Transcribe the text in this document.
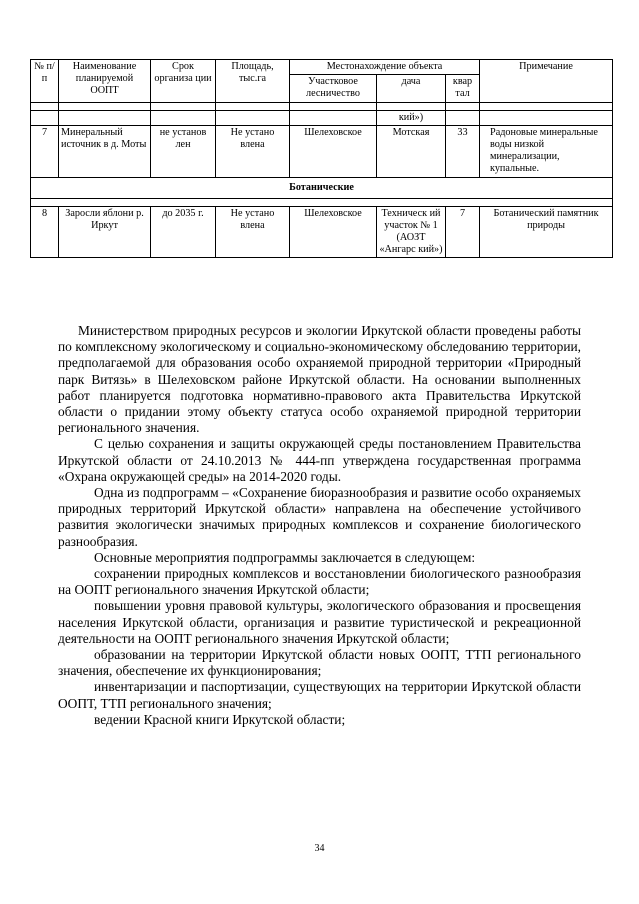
№ п/п	Наименование планируемой ООПТ	Срок организа ции	Площадь, тыс.га	Местонахождение объекта			Примечание
				Участковое лесничество	дача	квар тал	

					кий»)		
7	Минеральный источник в д. Моты	не установ лен	Не устано влена	Шелеховское	Мотская	33	Радоновые минеральные воды низкой минерализации, купальные.
Ботанические							

8	Заросли яблони р. Иркут	до 2035 г.	Не устано влена	Шелеховское	Техническ ий участок № 1 (АОЗТ «Ангарс кий»)	7	Ботанический памятник природы

Министерством природных ресурсов и экологии Иркутской области проведены работы по комплексному экологическому и социально-экономическому обследованию территории, предполагаемой для образования особо охраняемой природной территории «Природный парк Витязь» в Шелеховском районе Иркутской области. На основании выполненных работ планируется подготовка нормативно-правового акта Правительства Иркутской области о придании этому объекту статуса особо охраняемой природной территории регионального значения.

С целью сохранения и защиты окружающей среды постановлением Правительства Иркутской области от 24.10.2013 № 444-пп утверждена государственная программа «Охрана окружающей среды» на 2014-2020 годы.

Одна из подпрограмм – «Сохранение биоразнообразия и развитие особо охраняемых природных территорий Иркутской области» направлена на обеспечение устойчивого развития экологически значимых природных комплексов и сохранение биологического разнообразия.

Основные мероприятия подпрограммы заключается в следующем:

сохранении природных комплексов и восстановлении биологического разнообразия на ООПТ регионального значения Иркутской области;

повышении уровня правовой культуры, экологического образования и просвещения населения Иркутской области, организация и развитие туристической и рекреационной деятельности на ООПТ регионального значения Иркутской области;

образовании на территории Иркутской области новых ООПТ, ТТП регионального значения, обеспечение их функционирования;

инвентаризации и паспортизации, существующих на территории Иркутской области ООПТ, ТТП регионального значения;

ведении Красной книги Иркутской области;

34
